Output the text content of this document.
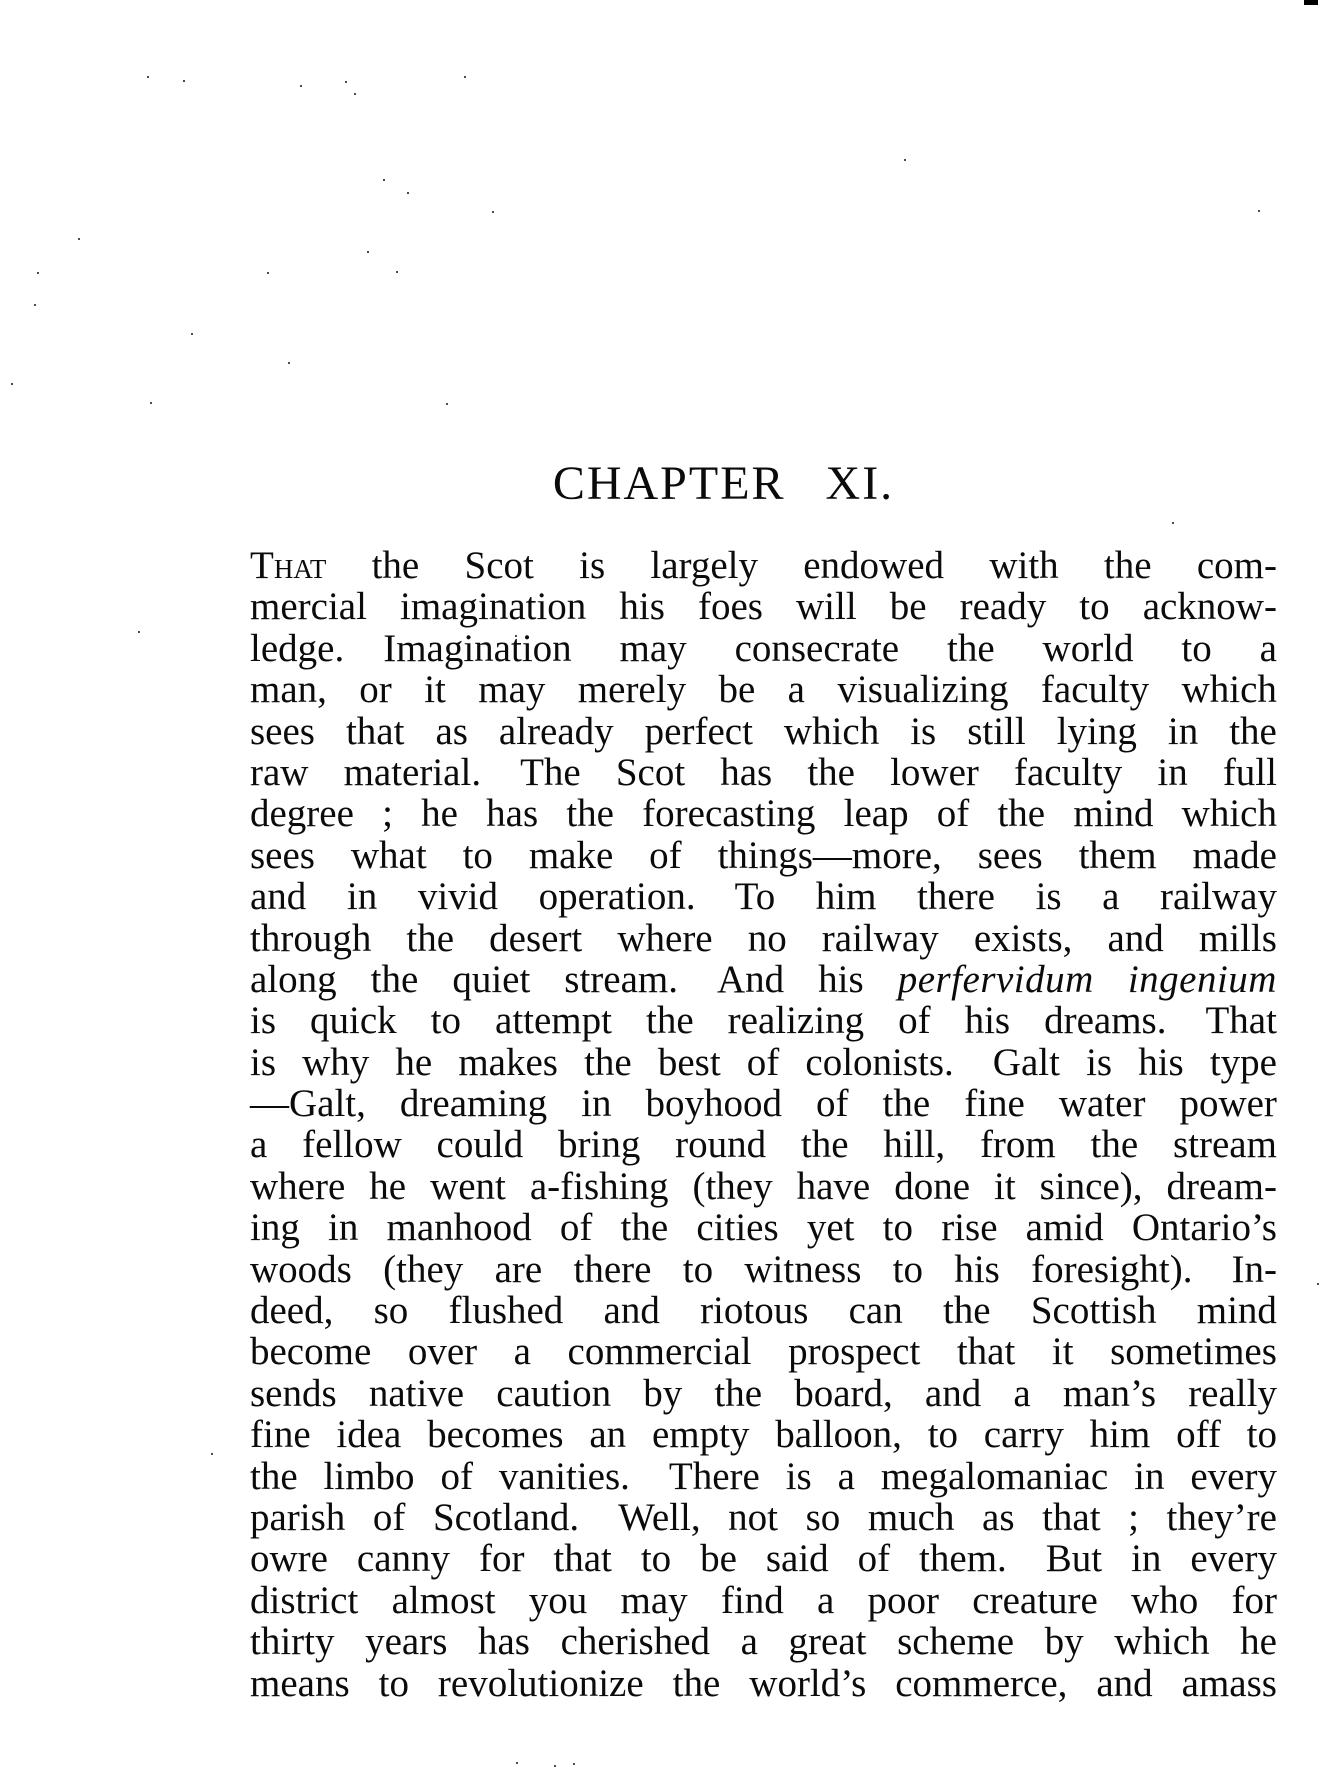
CHAPTER XI.
That the Scot is largely endowed with the com-
mercial imagination his foes will be ready to acknow-
ledge. Imagination may consecrate the world to a
man, or it may merely be a visualizing faculty which
sees that as already perfect which is still lying in the
raw material. The Scot has the lower faculty in full
degree ; he has the forecasting leap of the mind which
sees what to make of things—more, sees them made
and in vivid operation. To him there is a railway
through the desert where no railway exists, and mills
along the quiet stream. And his perfervidum ingenium
is quick to attempt the realizing of his dreams. That
is why he makes the best of colonists. Galt is his type
—Galt, dreaming in boyhood of the fine water power
a fellow could bring round the hill, from the stream
where he went a-fishing (they have done it since), dream-
ing in manhood of the cities yet to rise amid Ontario’s
woods (they are there to witness to his foresight). In-
deed, so flushed and riotous can the Scottish mind
become over a commercial prospect that it sometimes
sends native caution by the board, and a man’s really
fine idea becomes an empty balloon, to carry him off to
the limbo of vanities. There is a megalomaniac in every
parish of Scotland. Well, not so much as that ; they’re
owre canny for that to be said of them. But in every
district almost you may find a poor creature who for
thirty years has cherished a great scheme by which he
means to revolutionize the world’s commerce, and amass
